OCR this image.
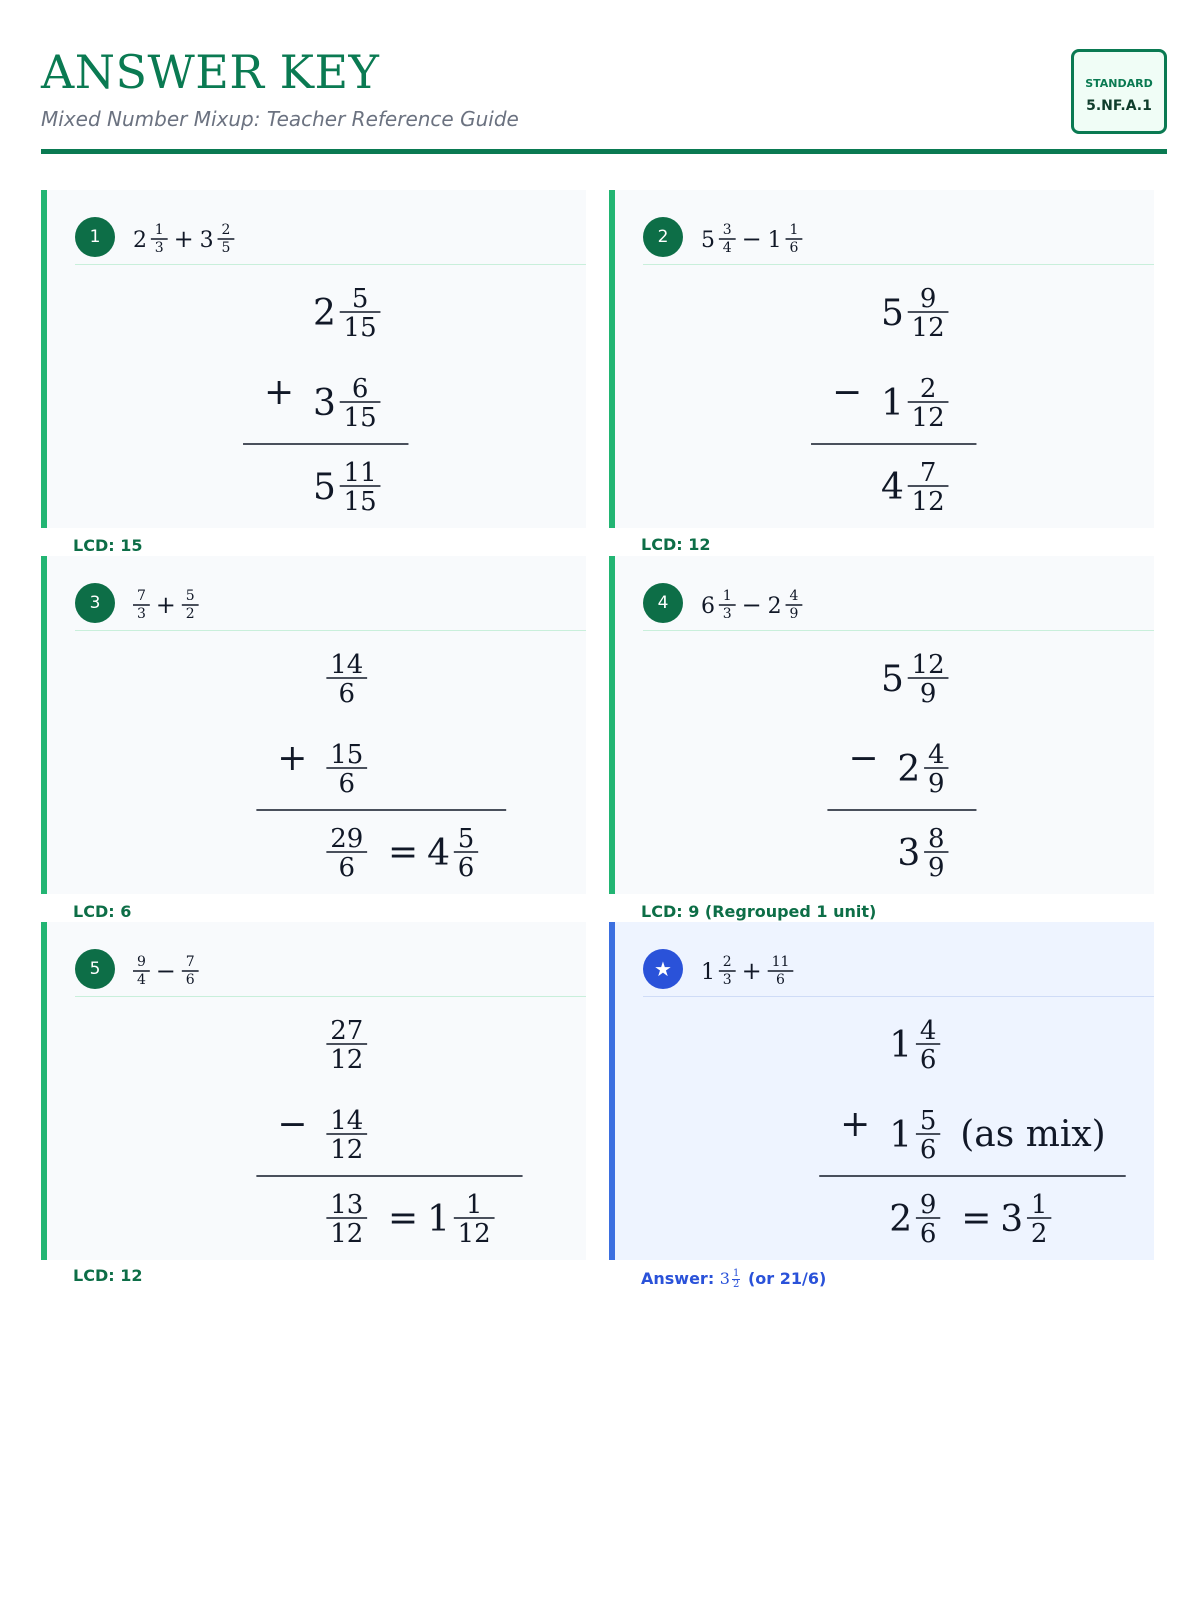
ANSWER KEY
Mixed Number Mixup: Teacher Reference Guide
STANDARD
5.NF.A.1
1	2 1
3 + 3 2
5
2 5
15
+ 3 6
15
5 11
15
LCD: 15
2	5 3
4 − 1 1
6
5 9
12
− 1 2
12
4 7
12
LCD: 12
3	7
3 + 5
2
14
6
+ 15
6
29
6 = 4 5
6
LCD: 6
4	6 1
3 − 2 4
9
5 12
9
− 2 4
9
3 8
9
LCD: 9 (Regrouped 1 unit)
5	9
4 − 7
6
27
12
− 14
12
13
12 = 1 1
12
LCD: 12
★	1 2
3 + 11
6
1 4
6
+ 1 5
6 (as mix)
2 9
6 = 3 1
2
Answer: $3 \frac{1}{2} (or$ 21/6)
